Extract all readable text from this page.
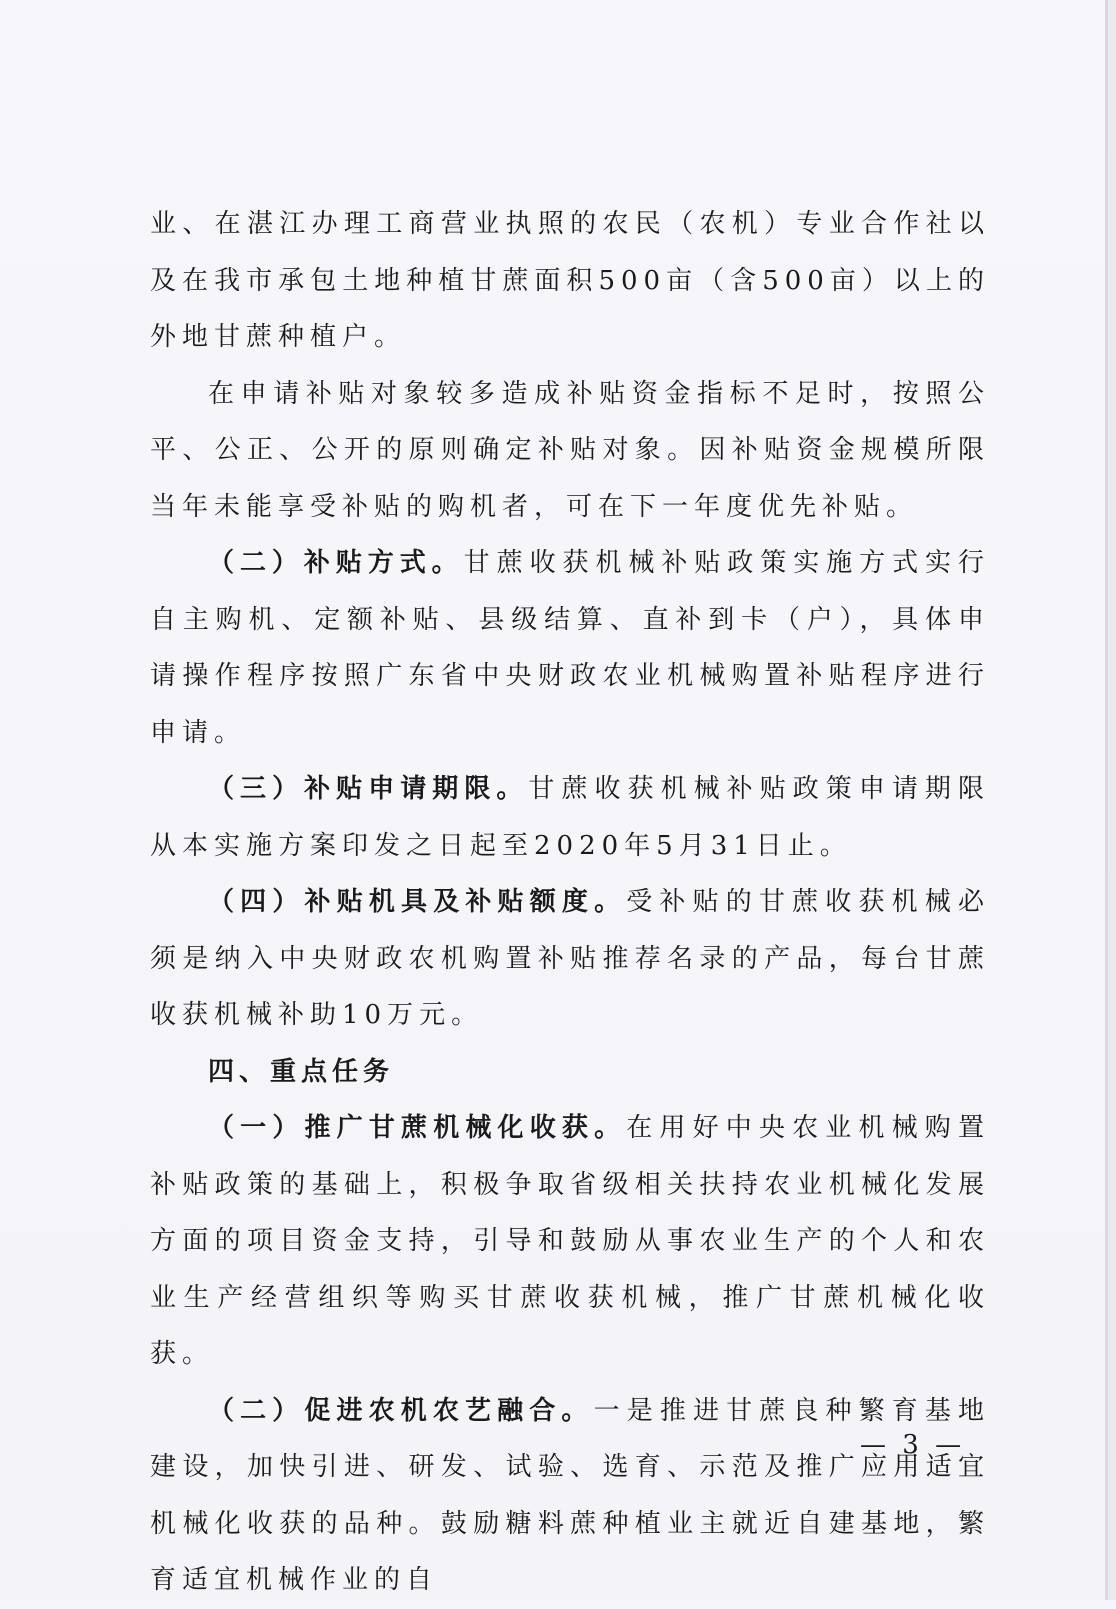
业、在湛江办理工商营业执照的农民（农机）专业合作社以及在我市承包土地种植甘蔗面积500亩（含500亩）以上的外地甘蔗种植户。

在申请补贴对象较多造成补贴资金指标不足时，按照公平、公正、公开的原则确定补贴对象。因补贴资金规模所限当年未能享受补贴的购机者，可在下一年度优先补贴。

（二）补贴方式。甘蔗收获机械补贴政策实施方式实行自主购机、定额补贴、县级结算、直补到卡（户），具体申请操作程序按照广东省中央财政农业机械购置补贴程序进行申请。

（三）补贴申请期限。甘蔗收获机械补贴政策申请期限从本实施方案印发之日起至2020年5月31日止。

（四）补贴机具及补贴额度。受补贴的甘蔗收获机械必须是纳入中央财政农机购置补贴推荐名录的产品，每台甘蔗收获机械补助10万元。

四、重点任务

（一）推广甘蔗机械化收获。在用好中央农业机械购置补贴政策的基础上，积极争取省级相关扶持农业机械化发展方面的项目资金支持，引导和鼓励从事农业生产的个人和农业生产经营组织等购买甘蔗收获机械，推广甘蔗机械化收获。

（二）促进农机农艺融合。一是推进甘蔗良种繁育基地建设，加快引进、研发、试验、选育、示范及推广应用适宜机械化收获的品种。鼓励糖料蔗种植业主就近自建基地，繁育适宜机械作业的自

— 3 —
